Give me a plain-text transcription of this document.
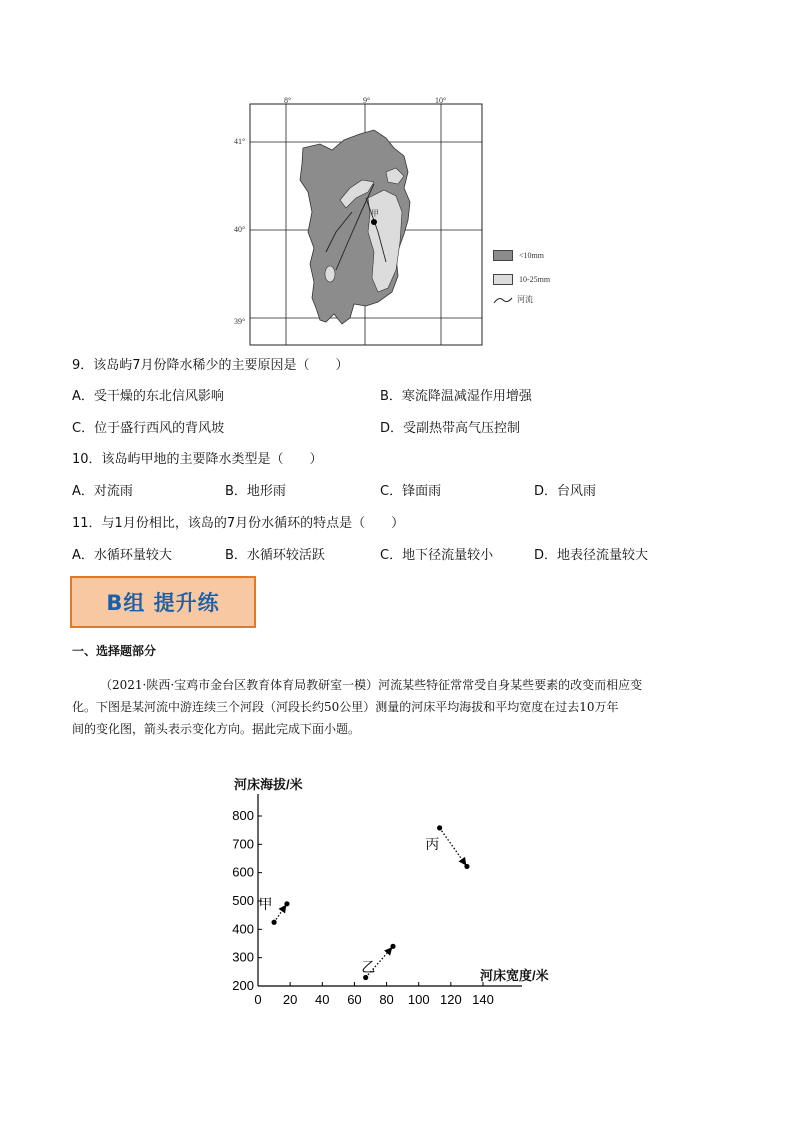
8°	9°	10°
41°
40°
39°
甲
<10mm
10-25mm
河流
9．该岛屿7月份降水稀少的主要原因是（　　）
A．受干燥的东北信风影响	B．寒流降温减湿作用增强
C．位于盛行西风的背风坡	D．受副热带高气压控制
10．该岛屿甲地的主要降水类型是（　　）
A．对流雨	B．地形雨	C．锋面雨	D．台风雨
11．与1月份相比，该岛的7月份水循环的特点是（　　）
A．水循环量较大	B．水循环较活跃	C．地下径流量较小	D．地表径流量较大
B组 提升练
一、选择题部分
（2021·陕西·宝鸡市金台区教育体育局教研室一模）河流某些特征常常受自身某些要素的改变而相应变
化。下图是某河流中游连续三个河段（河段长约50公里）测量的河床平均海拔和平均宽度在过去10万年
间的变化图，箭头表示变化方向。据此完成下面小题。
200
300
400
500
600
700
800
0 20 40 60 80 100 120 140
甲
乙
丙
河床海拔/米
河床宽度/米
